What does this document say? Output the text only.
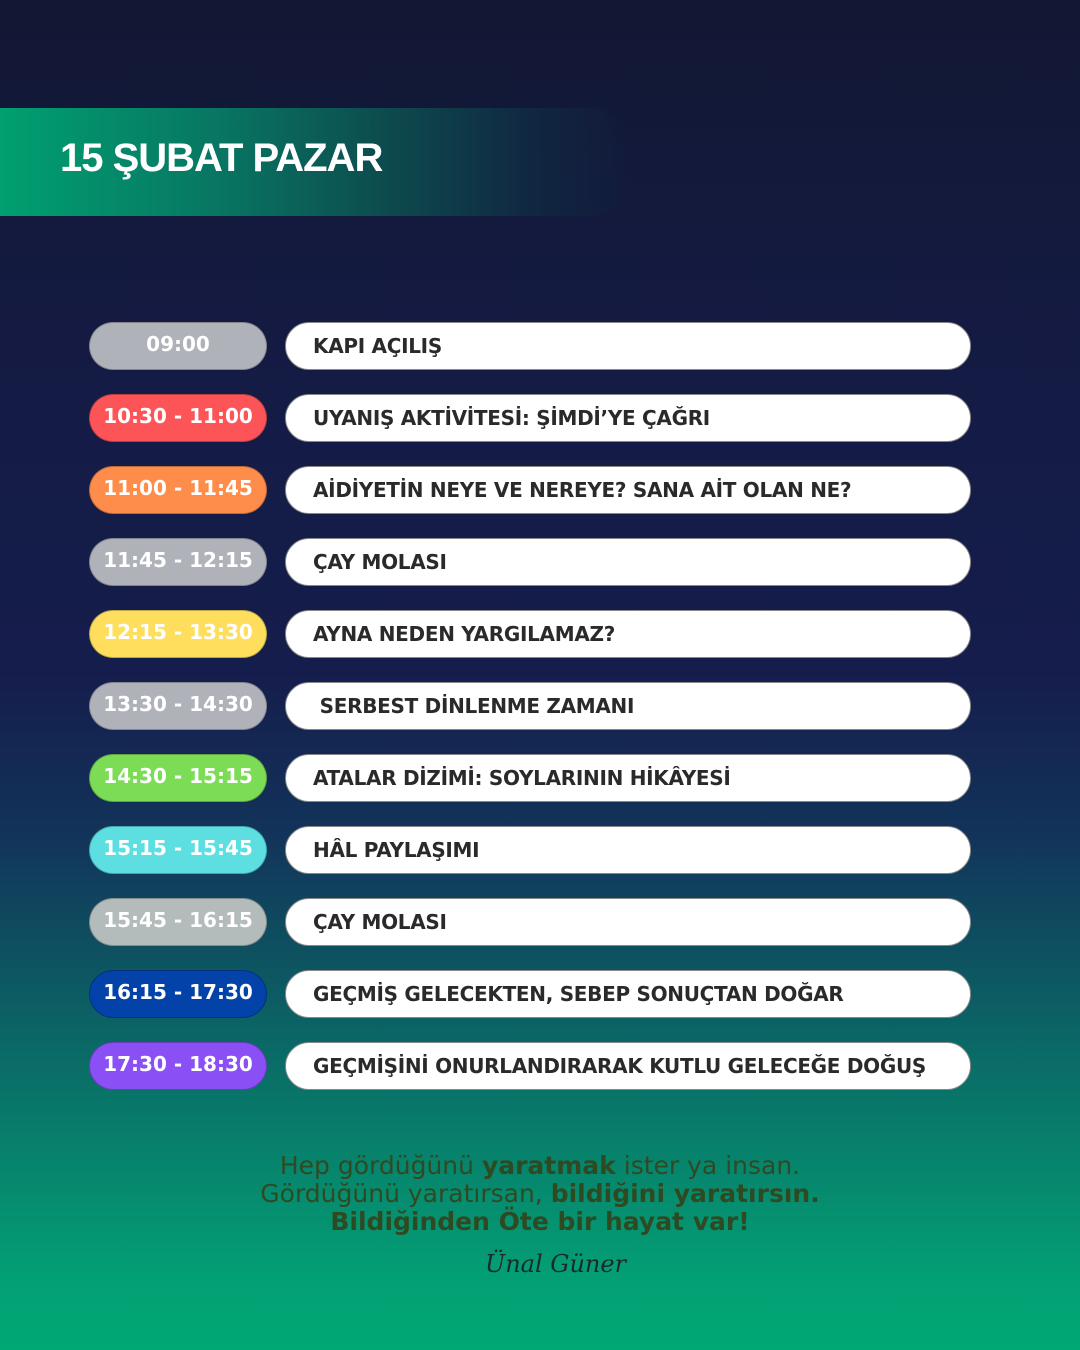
15 ŞUBAT PAZAR
09:00	KAPI AÇILIŞ
10:30 - 11:00	UYANIŞ AKTİVİTESİ: ŞİMDİ’YE ÇAĞRI
11:00 - 11:45	AİDİYETİN NEYE VE NEREYE? SANA AİT OLAN NE?
11:45 - 12:15	ÇAY MOLASI
12:15 - 13:30	AYNA NEDEN YARGILAMAZ?
13:30 - 14:30	SERBEST DİNLENME ZAMANI
14:30 - 15:15	ATALAR DİZİMİ: SOYLARININ HİKÂYESİ
15:15 - 15:45	HÂL PAYLAŞIMI
15:45 - 16:15	ÇAY MOLASI
16:15 - 17:30	GEÇMİŞ GELECEKTEN, SEBEP SONUÇTAN DOĞAR
17:30 - 18:30	GEÇMİŞİNİ ONURLANDIRARAK KUTLU GELECEĞE DOĞUŞ
Hep gördüğünü yaratmak ister ya insan.
Gördüğünü yaratırsan, bildiğini yaratırsın.
Bildiğinden Öte bir hayat var!
Ünal Güner
